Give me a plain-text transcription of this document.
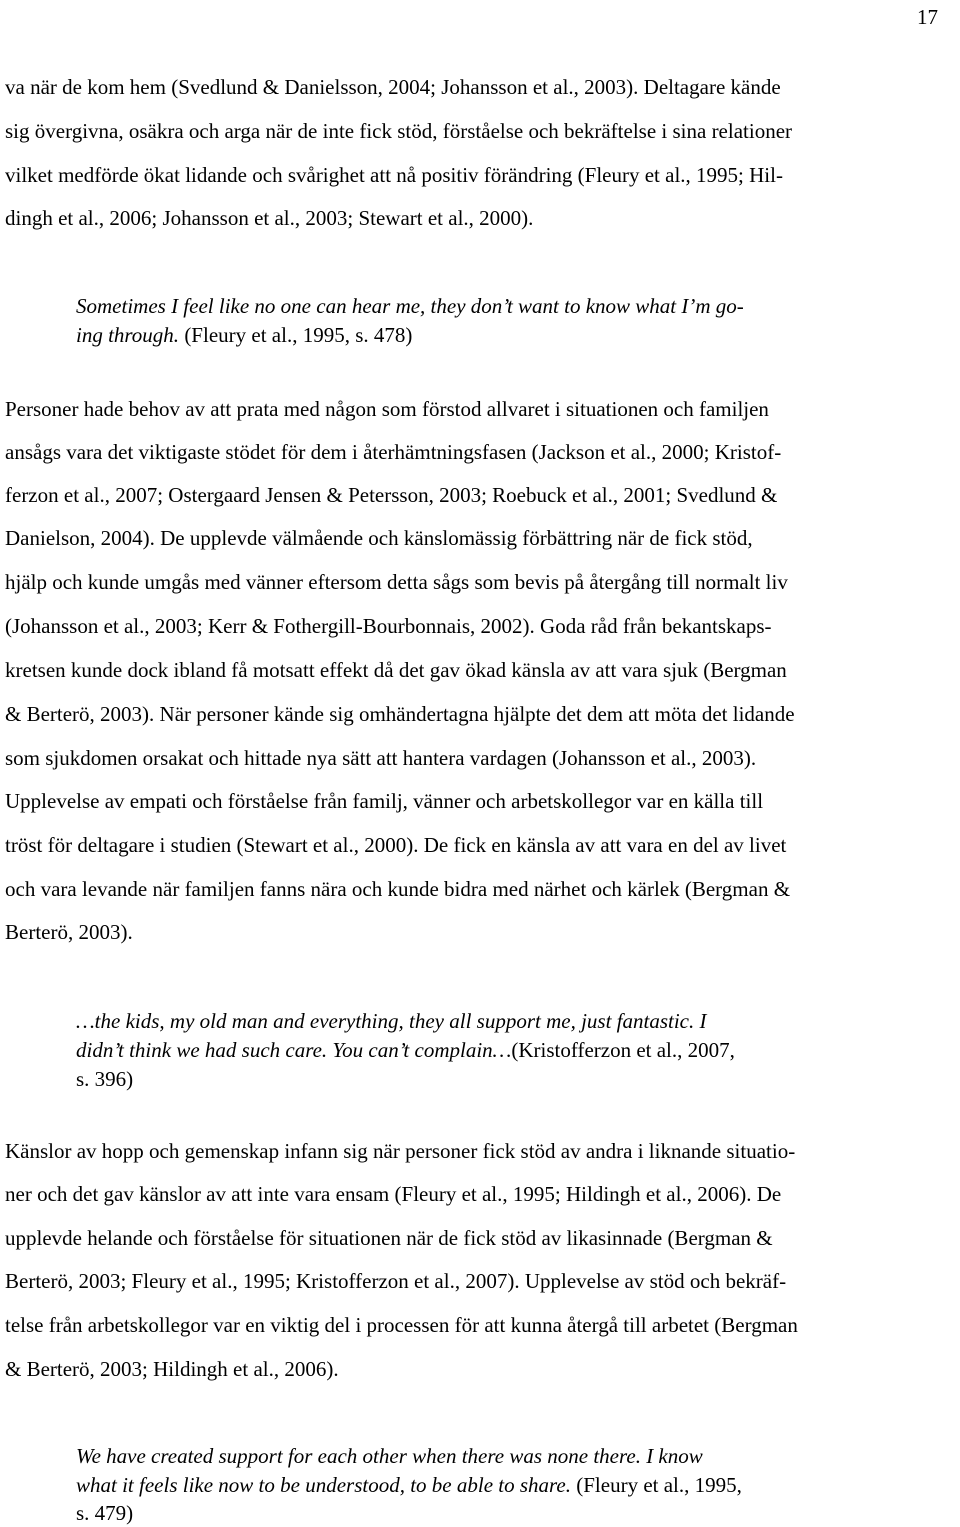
17

va när de kom hem (Svedlund & Danielsson, 2004; Johansson et al., 2003). Deltagare kände

sig övergivna, osäkra och arga när de inte fick stöd, förståelse och bekräftelse i sina relationer

vilket medförde ökat lidande och svårighet att nå positiv förändring (Fleury et al., 1995; Hil-

dingh et al., 2006; Johansson et al., 2003; Stewart et al., 2000).

Sometimes I feel like no one can hear me, they don’t want to know what I’m go-

ing through. (Fleury et al., 1995, s. 478)

Personer hade behov av att prata med någon som förstod allvaret i situationen och familjen

ansågs vara det viktigaste stödet för dem i återhämtningsfasen (Jackson et al., 2000; Kristof-

ferzon et al., 2007; Ostergaard Jensen & Petersson, 2003; Roebuck et al., 2001; Svedlund &

Danielson, 2004). De upplevde välmående och känslomässig förbättring när de fick stöd,

hjälp och kunde umgås med vänner eftersom detta sågs som bevis på återgång till normalt liv

(Johansson et al., 2003; Kerr & Fothergill-Bourbonnais, 2002). Goda råd från bekantskaps-

kretsen kunde dock ibland få motsatt effekt då det gav ökad känsla av att vara sjuk (Bergman

& Berterö, 2003). När personer kände sig omhändertagna hjälpte det dem att möta det lidande

som sjukdomen orsakat och hittade nya sätt att hantera vardagen (Johansson et al., 2003).

Upplevelse av empati och förståelse från familj, vänner och arbetskollegor var en källa till

tröst för deltagare i studien (Stewart et al., 2000). De fick en känsla av att vara en del av livet

och vara levande när familjen fanns nära och kunde bidra med närhet och kärlek (Bergman &

Berterö, 2003).

…the kids, my old man and everything, they all support me, just fantastic. I

didn’t think we had such care. You can’t complain…(Kristofferzon et al., 2007,

s. 396)

Känslor av hopp och gemenskap infann sig när personer fick stöd av andra i liknande situatio-

ner och det gav känslor av att inte vara ensam (Fleury et al., 1995; Hildingh et al., 2006). De

upplevde helande och förståelse för situationen när de fick stöd av likasinnade (Bergman &

Berterö, 2003; Fleury et al., 1995; Kristofferzon et al., 2007). Upplevelse av stöd och bekräf-

telse från arbetskollegor var en viktig del i processen för att kunna återgå till arbetet (Bergman

& Berterö, 2003; Hildingh et al., 2006).

We have created support for each other when there was none there. I know

what it feels like now to be understood, to be able to share. (Fleury et al., 1995,

s. 479)
